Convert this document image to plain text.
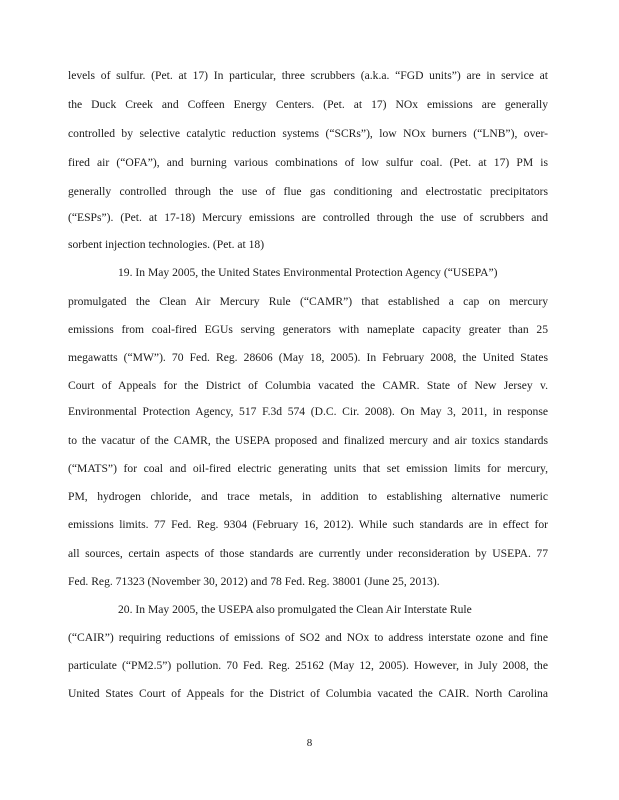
levels of sulfur. (Pet. at 17) In particular, three scrubbers (a.k.a. “FGD units”) are in service at
the Duck Creek and Coffeen Energy Centers. (Pet. at 17) NOx emissions are generally
controlled by selective catalytic reduction systems (“SCRs”), low NOx burners (“LNB”), over-
fired air (“OFA”), and burning various combinations of low sulfur coal. (Pet. at 17) PM is
generally controlled through the use of flue gas conditioning and electrostatic precipitators
(“ESPs”). (Pet. at 17-18) Mercury emissions are controlled through the use of scrubbers and
sorbent injection technologies. (Pet. at 18)
19. In May 2005, the United States Environmental Protection Agency (“USEPA”)
promulgated the Clean Air Mercury Rule (“CAMR”) that established a cap on mercury
emissions from coal-fired EGUs serving generators with nameplate capacity greater than 25
megawatts (“MW”). 70 Fed. Reg. 28606 (May 18, 2005). In February 2008, the United States
Court of Appeals for the District of Columbia vacated the CAMR. State of New Jersey v.
Environmental Protection Agency, 517 F.3d 574 (D.C. Cir. 2008). On May 3, 2011, in response
to the vacatur of the CAMR, the USEPA proposed and finalized mercury and air toxics standards
(“MATS”) for coal and oil-fired electric generating units that set emission limits for mercury,
PM, hydrogen chloride, and trace metals, in addition to establishing alternative numeric
emissions limits. 77 Fed. Reg. 9304 (February 16, 2012). While such standards are in effect for
all sources, certain aspects of those standards are currently under reconsideration by USEPA. 77
Fed. Reg. 71323 (November 30, 2012) and 78 Fed. Reg. 38001 (June 25, 2013).
20. In May 2005, the USEPA also promulgated the Clean Air Interstate Rule
(“CAIR”) requiring reductions of emissions of SO2 and NOx to address interstate ozone and fine
particulate (“PM2.5”) pollution. 70 Fed. Reg. 25162 (May 12, 2005). However, in July 2008, the
United States Court of Appeals for the District of Columbia vacated the CAIR. North Carolina
8
